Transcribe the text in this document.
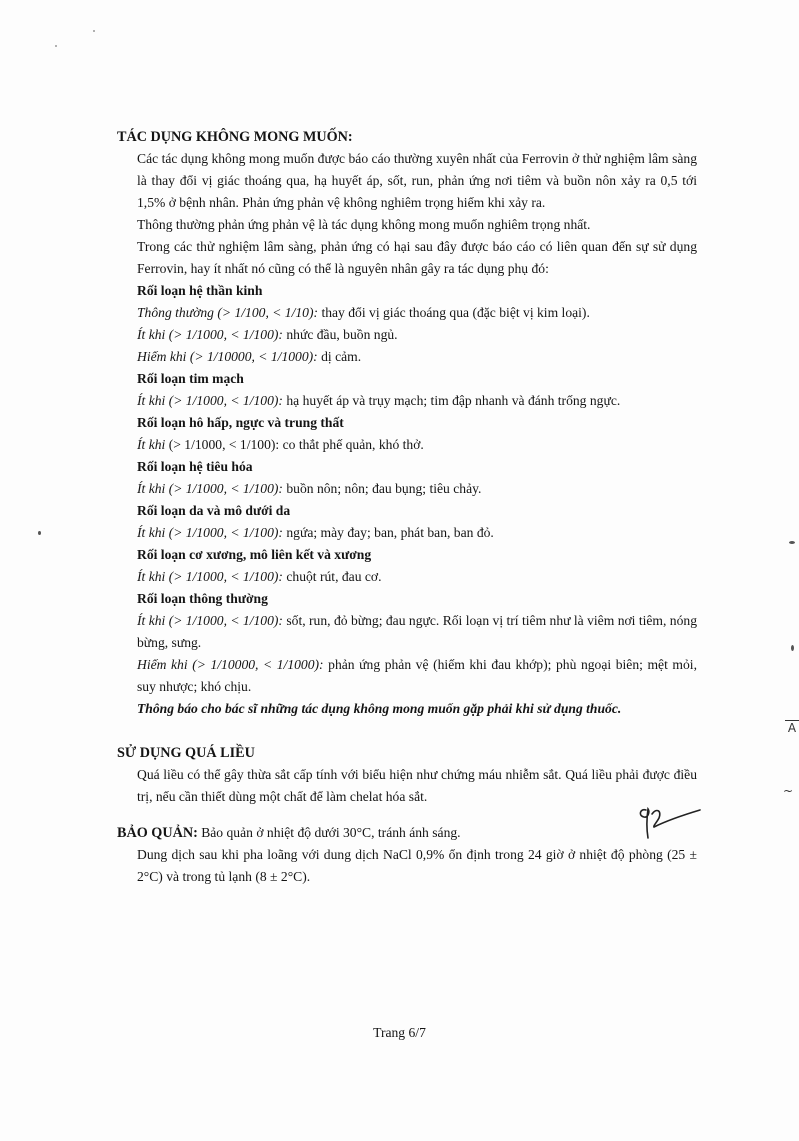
TÁC DỤNG KHÔNG MONG MUỐN:

Các tác dụng không mong muốn được báo cáo thường xuyên nhất của Ferrovin ở thử nghiệm lâm sàng là thay đổi vị giác thoáng qua, hạ huyết áp, sốt, run, phản ứng nơi tiêm và buồn nôn xảy ra 0,5 tới 1,5% ở bệnh nhân. Phản ứng phản vệ không nghiêm trọng hiếm khi xảy ra.

Thông thường phản ứng phản vệ là tác dụng không mong muốn nghiêm trọng nhất.

Trong các thử nghiệm lâm sàng, phản ứng có hại sau đây được báo cáo có liên quan đến sự sử dụng Ferrovin, hay ít nhất nó cũng có thể là nguyên nhân gây ra tác dụng phụ đó:

Rối loạn hệ thần kinh

Thông thường (> 1/100, < 1/10): thay đổi vị giác thoáng qua (đặc biệt vị kim loại).

Ít khi (> 1/1000, < 1/100): nhức đầu, buồn ngủ.

Hiếm khi (> 1/10000, < 1/1000): dị cảm.

Rối loạn tim mạch

Ít khi (> 1/1000, < 1/100): hạ huyết áp và trụy mạch; tim đập nhanh và đánh trống ngực.

Rối loạn hô hấp, ngực và trung thất

Ít khi (> 1/1000, < 1/100): co thắt phế quản, khó thở.

Rối loạn hệ tiêu hóa

Ít khi (> 1/1000, < 1/100): buồn nôn; nôn; đau bụng; tiêu chảy.

Rối loạn da và mô dưới da

Ít khi (> 1/1000, < 1/100): ngứa; mày đay; ban, phát ban, ban đỏ.

Rối loạn cơ xương, mô liên kết và xương

Ít khi (> 1/1000, < 1/100): chuột rút, đau cơ.

Rối loạn thông thường

Ít khi (> 1/1000, < 1/100): sốt, run, đỏ bừng; đau ngực. Rối loạn vị trí tiêm như là viêm nơi tiêm, nóng bừng, sưng.

Hiếm khi (> 1/10000, < 1/1000): phản ứng phản vệ (hiếm khi đau khớp); phù ngoại biên; mệt mỏi, suy nhược; khó chịu.

Thông báo cho bác sĩ những tác dụng không mong muốn gặp phải khi sử dụng thuốc.

SỬ DỤNG QUÁ LIỀU

Quá liều có thể gây thừa sắt cấp tính với biểu hiện như chứng máu nhiễm sắt. Quá liều phải được điều trị, nếu cần thiết dùng một chất để làm chelat hóa sắt.

BẢO QUẢN: Bảo quản ở nhiệt độ dưới 30°C, tránh ánh sáng.

Dung dịch sau khi pha loãng với dung dịch NaCl 0,9% ổn định trong 24 giờ ở nhiệt độ phòng (25 ± 2°C) và trong tủ lạnh (8 ± 2°C).

Trang 6/7
A
~
